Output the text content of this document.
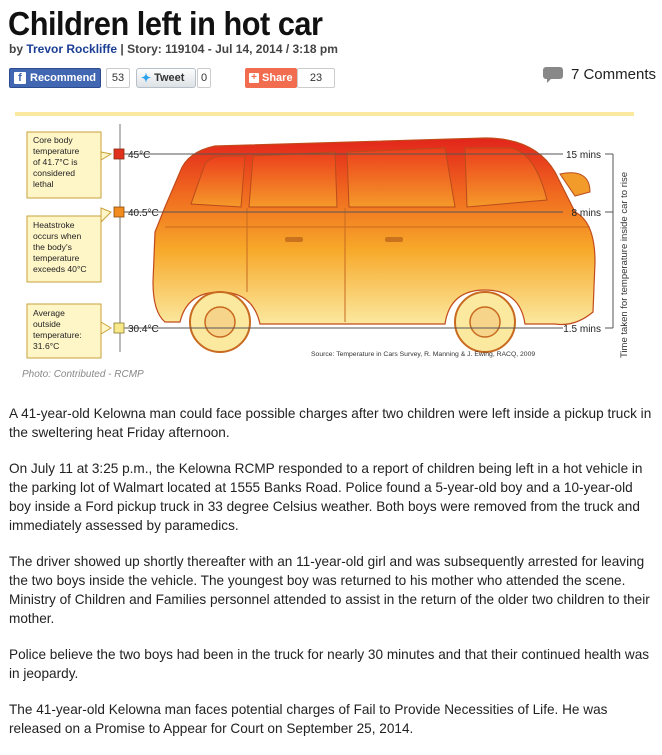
Children left in hot car
by Trevor Rockliffe | Story: 119104 - Jul 14, 2014 / 3:18 pm
f Recommend	53	✦ Tweet	0	+ Share	23	7 Comments
45°C
40.5°C
30.4°C
15 mins
8 mins
1.5 mins Time taken for temperature inside car to rise
Source: Temperature in Cars Survey, R. Manning & J. Ewing, RACQ, 2009
Core body
temperature
of 41.7°C is
considered
lethal
Heatstroke
occurs when
the body's
temperature
exceeds 40°C
Average
outside
temperature:
31.6°C
Photo: Contributed - RCMP

A 41-year-old Kelowna man could face possible charges after two children were left inside a pickup truck in the sweltering heat Friday afternoon.

On July 11 at 3:25 p.m., the Kelowna RCMP responded to a report of children being left in a hot vehicle in the parking lot of Walmart located at 1555 Banks Road. Police found a 5-year-old boy and a 10-year-old boy inside a Ford pickup truck in 33 degree Celsius weather. Both boys were removed from the truck and immediately assessed by paramedics.

The driver showed up shortly thereafter with an 11-year-old girl and was subsequently arrested for leaving the two boys inside the vehicle. The youngest boy was returned to his mother who attended the scene. Ministry of Children and Families personnel attended to assist in the return of the older two children to their mother.

Police believe the two boys had been in the truck for nearly 30 minutes and that their continued health was in jeopardy.

The 41-year-old Kelowna man faces potential charges of Fail to Provide Necessities of Life. He was released on a Promise to Appear for Court on September 25, 2014.
